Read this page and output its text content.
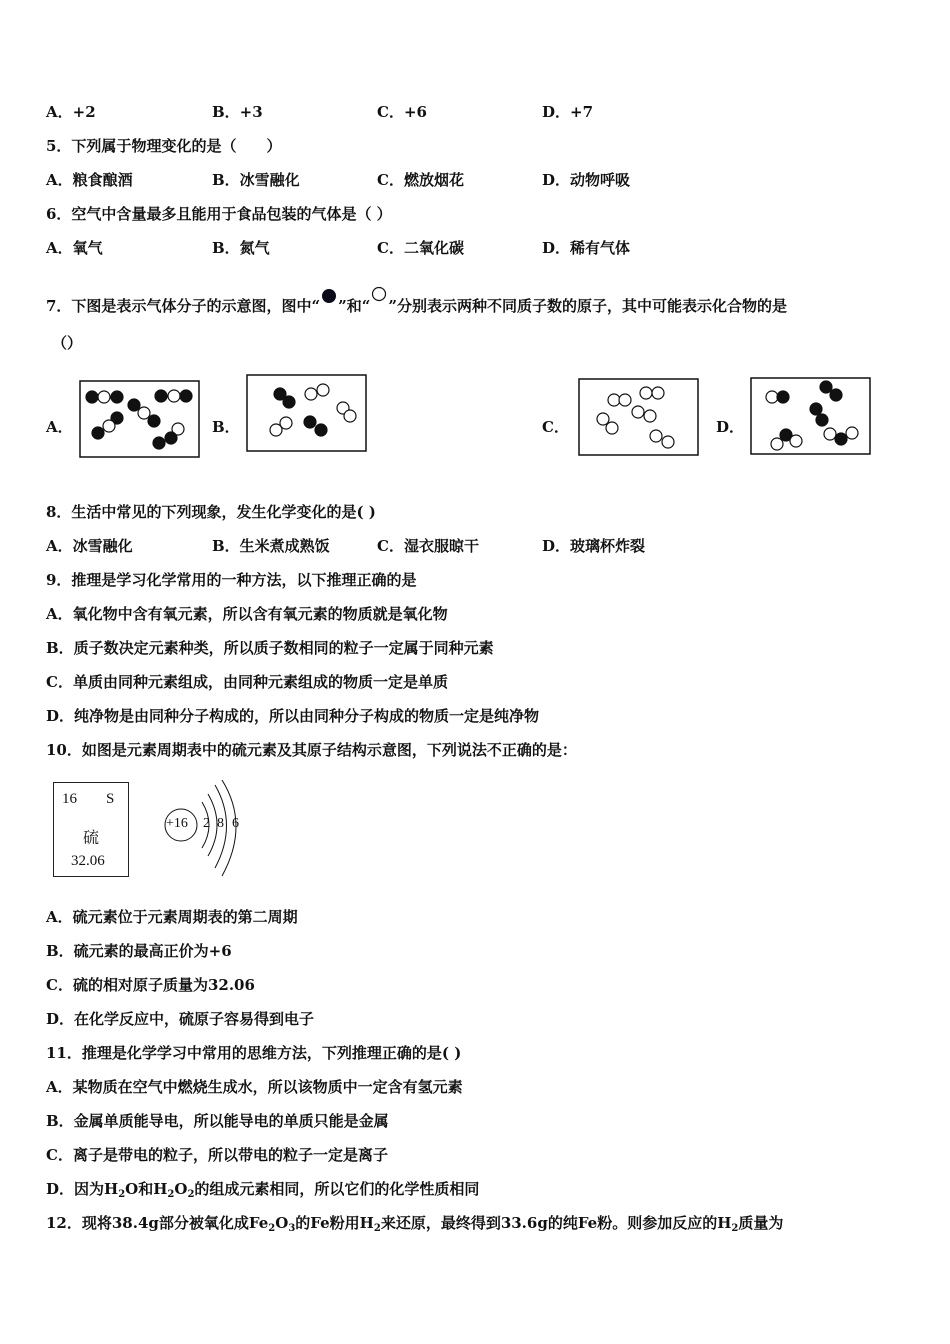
A．+2	B．+3	C．+6	D．+7
5．下列属于物理变化的是（　　）
A．粮食酿酒	B．冰雪融化	C．燃放烟花	D．动物呼吸
6．空气中含量最多且能用于食品包装的气体是（ ）
A．氧气	B．氮气	C．二氧化碳	D．稀有气体
7．下图是表示气体分子的示意图，图中“ ”和“ ”分别表示两种不同质子数的原子，其中可能表示化合物的是
（）
A．	B．	C．	D．
8．生活中常见的下列现象，发生化学变化的是( )
A．冰雪融化	B．生米煮成熟饭	C．湿衣服晾干	D．玻璃杯炸裂
9．推理是学习化学常用的一种方法，以下推理正确的是
A．氧化物中含有氧元素，所以含有氧元素的物质就是氧化物
B．质子数决定元素种类，所以质子数相同的粒子一定属于同种元素
C．单质由同种元素组成，由同种元素组成的物质一定是单质
D．纯净物是由同种分子构成的，所以由同种分子构成的物质一定是纯净物
10．如图是元素周期表中的硫元素及其原子结构示意图，下列说法不正确的是：
16 S
硫
32.06
+16 2 8 6
A．硫元素位于元素周期表的第二周期
B．硫元素的最高正价为+6
C．硫的相对原子质量为32.06
D．在化学反应中，硫原子容易得到电子
11．推理是化学学习中常用的思维方法，下列推理正确的是( )
A．某物质在空气中燃烧生成水，所以该物质中一定含有氢元素
B．金属单质能导电，所以能导电的单质只能是金属
C．离子是带电的粒子，所以带电的粒子一定是离子
D．因为$H_2O$和$H_2O_2$的组成元素相同，所以它们的化学性质相同
12．现将38.4g部分被氧化成$Fe_2O_3$的Fe粉用$H_2$来还原，最终得到33.6g的纯Fe粉。则参加反应的$H_2$质量为
